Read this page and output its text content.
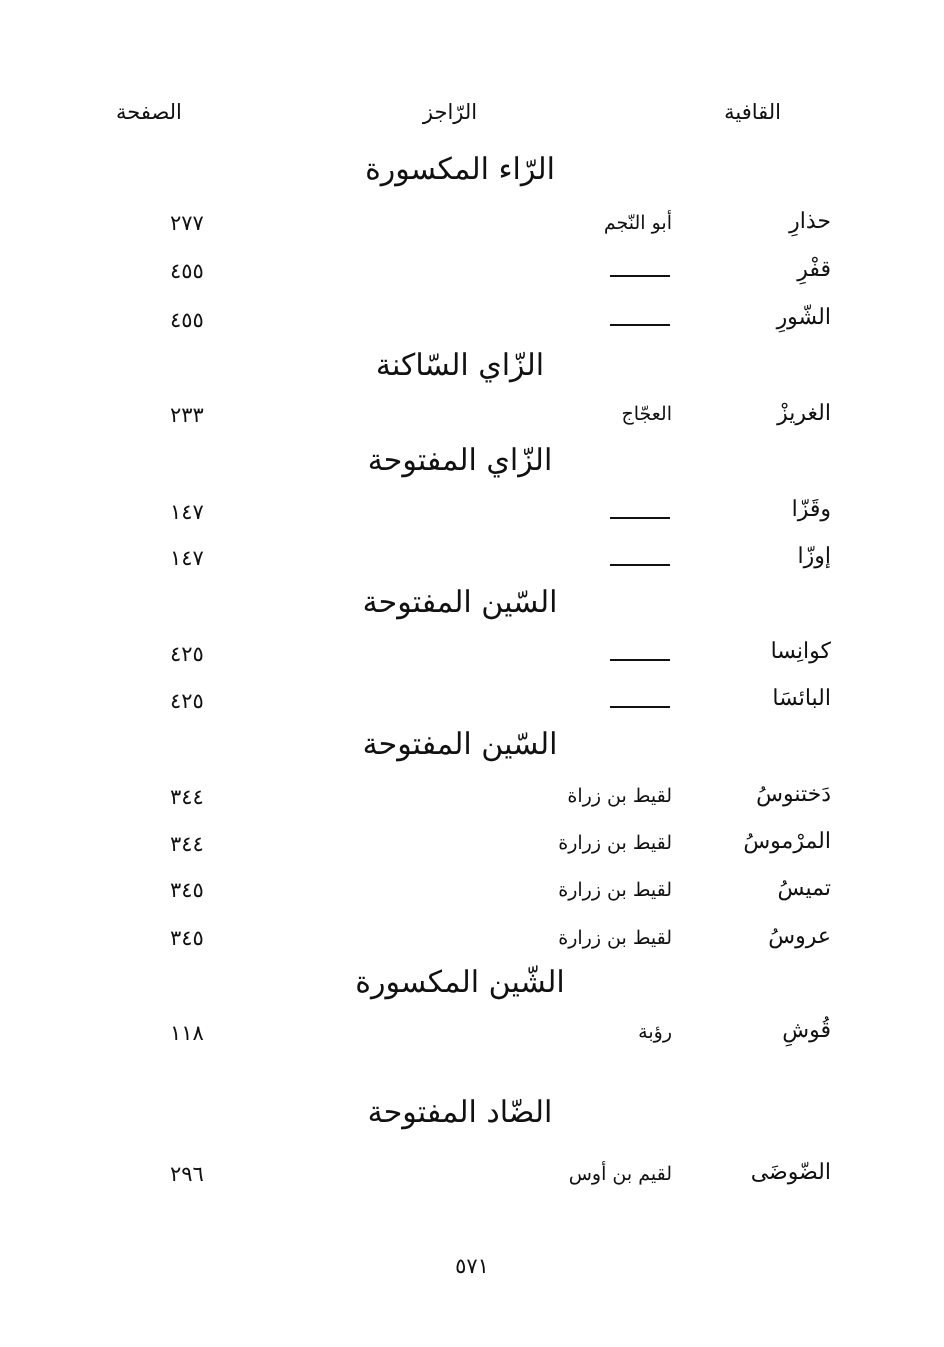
القافية
الرّاجز
الصفحة
الرّاء المكسورة
حذارِ
أبو النّجم
٢٧٧
قفْرِ
٤٥٥
الشّورِ
٤٥٥
الزّاي السّاكنة
الغريزْ
العجّاج
٢٣٣
الزّاي المفتوحة
وقَزّا
١٤٧
إوزّا
١٤٧
السّين المفتوحة
كوانِسا
٤٢٥
البائسَا
٤٢٥
السّين المفتوحة
دَختنوسُ
لقيط بن زراة
٣٤٤
المرْموسُ
لقيط بن زرارة
٣٤٤
تميسُ
لقيط بن زرارة
٣٤٥
عروسُ
لقيط بن زرارة
٣٤٥
الشّين المكسورة
قُوشِ
رؤبة
١١٨
الضّاد المفتوحة
الضّوضَى
لقيم بن أوس
٢٩٦
٥٧١
